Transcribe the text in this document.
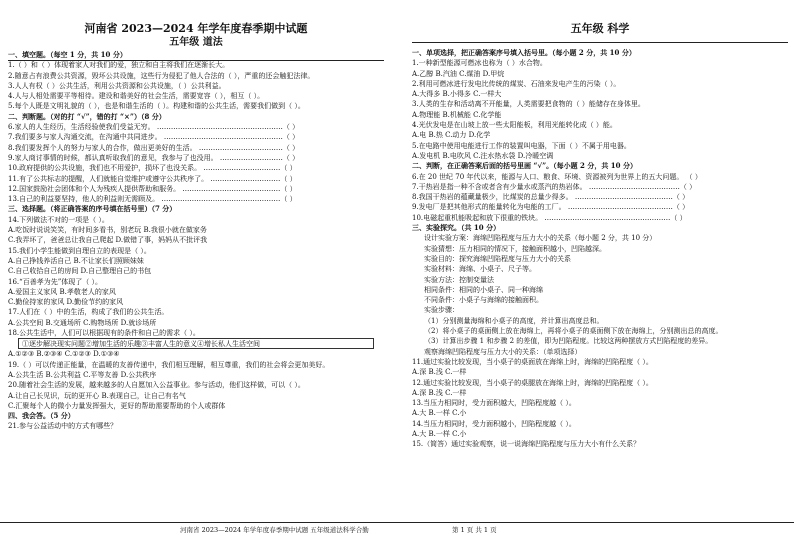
河南省 2023—2024 年学年度春季期中试题
五年级 道法
一、填空题。（每空 1 分，共 10 分）
1.（ ）和（ ）体现着家人对我们的爱，独立和自主将我们在逐渐长大。
2.随意占有浪费公共资源，毁坏公共设施，这些行为侵犯了他人合法的（ ），严重的还会触犯法律。
3.人人有权（ ）公共生活，利用公共资源和公共设施，（ ）公共利益。
4.人与人相处需要平等相待。建设和谐美好的社会生活，需要宽容（ ），相互（ ）。
5.每个人既是文明礼貌的（ ），也是和谐生活的（ ）。构建和谐的公共生活，需要我们做到（ ）。
二、判断题。（对的打 “√”，错的打 “×”）（8 分）
6.家人的人生经历，生活经验使我们受益无穷。 ………………………………………………（ ）
7.我们要多与家人沟通交流，在沟通中共同进步。 ……………………………………………（ ）
8.我们要发挥个人的努力与家人的合作，做出更美好的生活。 ………………………………（ ）
9.家人商讨事情的时候，都认真听取我们的意见，我参与了也没用。 ………………………（ ）
10.政府提供的公共设施，我们也不用爱护，损坏了也没关系。 ……………………………（ ）
11.有了公共标志的提醒，人们就能自觉维护或遵守公共秩序了。 …………………………（ ）
12.国家鼓励社会团体和个人为残疾人提供帮助和服务。 ……………………………………（ ）
13.自己的利益要坚持，他人的利益则无需顾及。 ……………………………………………（ ）
三、选择题。（将正确答案的序号填在括号里）（7 分）
14.下列做法不对的一项是（ ）。
A.吃饭时说说笑笑，有时间多看书，别老玩 B.我很小就在做家务
C.我弄坏了，爸爸总让我自己爬起 D.做错了事，妈妈从不批评我
15.我们小学生能做到自理自立的表现是（ ）。
A.自己挣钱养活自己 B.不让家长们照顾妹妹
C.自己收拾自己的房间 D.自己整理自己的书包
16.“百善孝为先”体现了（ ）。
A.爱国主义家风 B.孝敬老人的家风
C.勤俭持家的家风 D.勤俭节约的家风
17.人们在（ ）中的生活，构成了我们的公共生活。
A.公共空间 B.交通场所 C.购物场所 D.就诊场所
18.公共生活中，人们可以根据现有的条件和自己的需求（ ）。
①逐步解决现实问题②增加生活的乐趣③丰富人生的意义④增长私人生活空间
A.①②③ B.②③④ C.①②③ D.①③④
19.（ ）可以传递正能量，在温暖的友善传递中，我们相互理解，相互尊重，我们的社会将会更加美好。
A.公共生活 B.公共利益 C.平等友善 D.公共秩序
20.随着社会生活的发展，越来越多的人自愿加入公益事业。参与活动，他们这样做，可以（ ）。
A.让自己长见识，玩的更开心 B.表现自己，让自己有名气
C.汇聚每个人的微小力量发挥强大，更好的帮助需要帮助的个人或群体
四、我会答。（5 分）
21.参与公益活动中的方式有哪些？
五年级 科学
一、单项选择，把正确答案序号填入括号里。（每小题 2 分，共 10 分）
1.一种新型能源可燃冰也称为（ ）水合物。
A.乙醇 B.汽油 C.煤油 D.甲烷
2.利用可燃冰进行发电比传统的煤炭、石油来发电产生的污染（ ）。
A.大得多 B.小得多 C.一样大
3.人类的生存和活动离不开能量，人类需要把食物的（ ）能储存在身体里。
A.物理能 B.机械能 C.化学能
4.光伏发电是在山坡上放一些太阳能板，利用光能转化成（ ）能。
A.电 B.热 C.动力 D.化学
5.在电路中使用电能进行工作的装置叫电器，下面（ ）不属于用电器。
A.发电机 B.电吹风 C.注水热水袋 D.冷暖空调
二、判断，在正确答案后面的括号里画 “√”。（每小题 2 分，共 10 分）
6.在 20 世纪 70 年代以来，能源与人口、粮食、环境、资源被列为世界上的五大问题。 （ ）
7.干热岩是指一种不含或者含有少量水或蒸汽的热岩体。 …………………………………（ ）
8.我国干热岩的蕴藏量极少，比煤炭的总量少得多。 ……………………………………（ ）
9.发电厂是把其他形式的能量转化为电能的工厂。 ………………………………………（ ）
10.电磁起重机能吸起和放下很重的铁块。 ………………………………………………（ ）
三、实验探究。（共 10 分）
设计实验方案：海绵凹陷程度与压力大小的关系（每小题 2 分，共 10 分）
实验猜想：压力相同的情况下，接触面积越小，凹陷越深。
实验目的：探究海绵凹陷程度与压力大小的关系
实验材料：海绵、小桌子、尺子等。
实验方法：控制变量法
相同条件：相同的小桌子、同一种海绵
不同条件：小桌子与海绵的接触面积。
实验步骤：
（1）分别测量海绵和小桌子的高度，并计算出高度总和。
（2）将小桌子的桌面侧上放在海绵上，再将小桌子的桌面侧下放在海绵上，分别测出总的高度。
（3）计算出步骤 1 和步骤 2 的差值，即为凹陷程度。比较这两种摆放方式凹陷程度的差异。
观察海绵凹陷程度与压力大小的关系：（单项选择）
11.通过实验比较发现，当小桌子的桌面放在海绵上时，海绵的凹陷程度（ ）。
A.深 B.浅 C.一样
12.通过实验比较发现，当小桌子的桌腿放在海绵上时，海绵的凹陷程度（ ）。
A.深 B.浅 C.一样
13.当压力相同时，受力面积越大，凹陷程度越（ ）。
A.大 B.一样 C.小
14.当压力相同时，受力面积越小，凹陷程度越（ ）。
A.大 B.一样 C.小
15.（简答）通过实验观察，说一说海绵凹陷程度与压力大小有什么关系？
河南省 2023—2024 年学年度春季期中试题 五年级道法科学合勤	第 1 页 共 1 页
